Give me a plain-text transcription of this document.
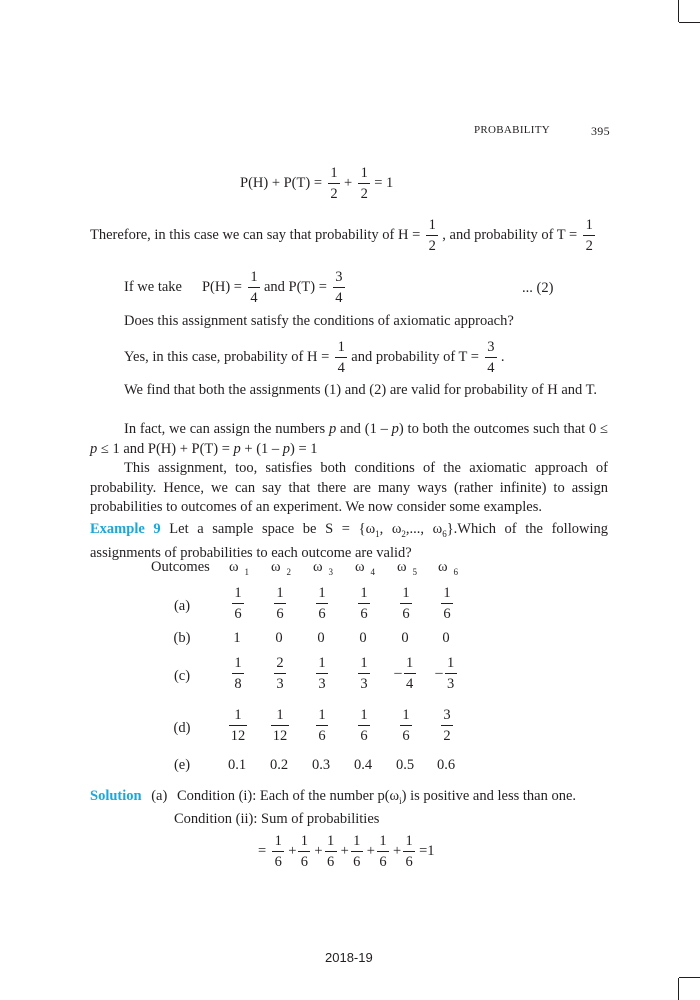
PROBABILITY	395
$P(H) + P(T) = \frac{1}{2} + \frac{1}{2} = 1$
Therefore, in this case we can say that probability of $H = \frac{1}{2}$ , and probability of $T = \frac{1}{2}$
If we take $P(H) = \frac{1}{4}$ and $P(T) = \frac{3}{4}$	... (2)
Does this assignment satisfy the conditions of axiomatic approach?
Yes, in this case, probability of $H = \frac{1}{4}$ and probability of $T = \frac{3}{4}$ .
We find that both the assignments (1) and (2) are valid for probability of H and T.
In fact, we can assign the numbers p and (1 – p) to both the outcomes such that 0 ≤ p ≤ 1 and P(H) + P(T) = p + (1 – p) = 1
This assignment, too, satisfies both conditions of the axiomatic approach of probability. Hence, we can say that there are many ways (rather infinite) to assign probabilities to outcomes of an experiment. We now consider some examples.
Example 9 Let a sample space be $S = \{\omega_1$, $\omega_2$,..., $\omega_6\}.Which$ of the following assignments of probabilities to each outcome are valid?
Outcomes	ω $_1$	ω $_2$	ω $_3$	ω $_4$	ω $_5$	ω $_6$
(a)	$\frac{1}{6} \frac{1}{6} \frac{1}{6} \frac{1}{6} \frac{1}{6} \frac{1}{6}$
(b)	1 0 0 0 0 0
(c)	$\frac{1}{8} \frac{2}{3} \frac{1}{3} \frac{1}{3} - \frac{1}{4} - \frac{1}{3}$
(d)	$\frac{1}{12} \frac{1}{12} \frac{1}{6} \frac{1}{6} \frac{1}{6} \frac{3}{2}$
(e)	0.1 0.2 0.3 0.4 0.5 0.6
Solution (a) Condition (i): Each of the number $p(\omega_i)$ is positive and less than one.
Condition (ii): Sum of probabilities
= $\frac{1}{6} + \frac{1}{6} + \frac{1}{6} + \frac{1}{6} + \frac{1}{6} + \frac{1}{6} =1$
2018-19
